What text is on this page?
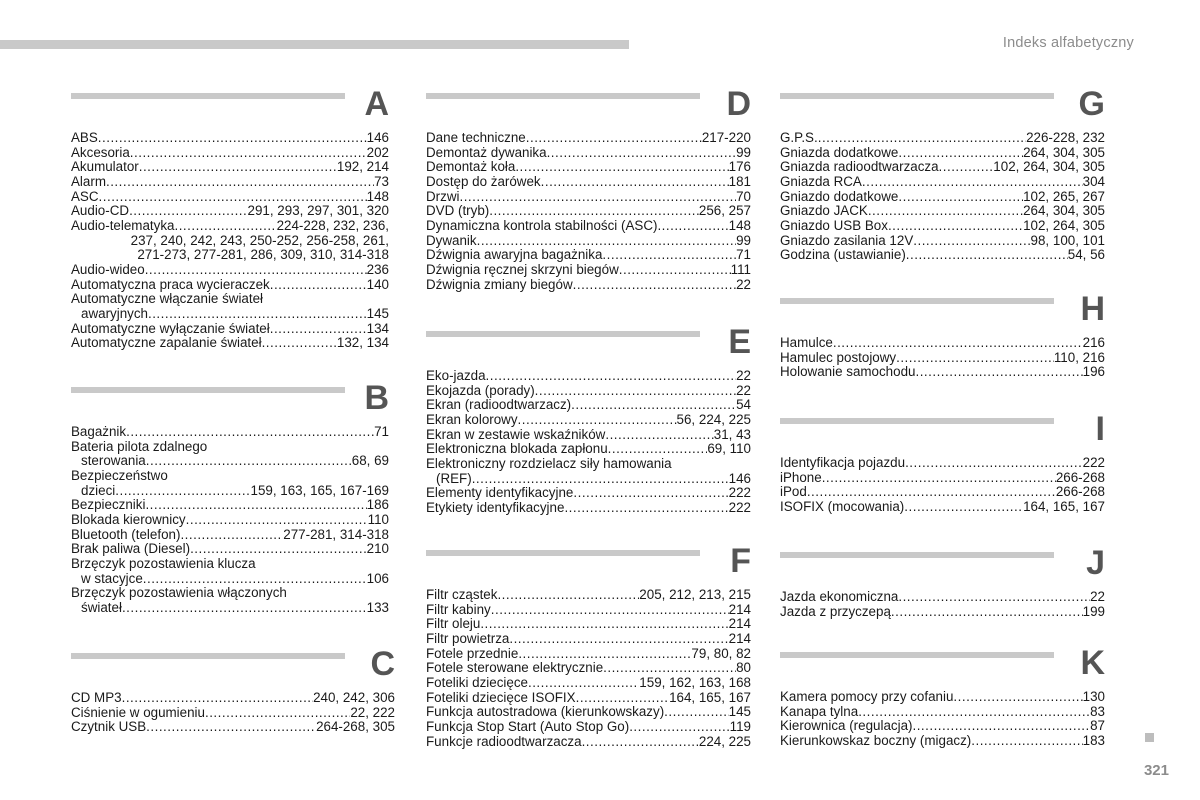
Indeks alfabetyczny
A
ABS .....	146
Akcesoria .....	202
Akumulator .....	192, 214
Alarm .....	73
ASC .....	148
Audio-CD .....	291, 293, 297, 301, 320
Audio-telematyka .....	224-228, 232, 236,
237, 240, 242, 243, 250-252, 256-258, 261,
271-273, 277-281, 286, 309, 310, 314-318
Audio-wideo .....	236
Automatyczna praca wycieraczek .....	140
Automatyczne włączanie świateł
awaryjnych .....	145
Automatyczne wyłączanie świateł .....	134
Automatyczne zapalanie świateł .....	132, 134
B
Bagażnik .....	71
Bateria pilota zdalnego
sterowania .....	68, 69
Bezpieczeństwo
dzieci .....	159, 163, 165, 167-169
Bezpieczniki .....	186
Blokada kierownicy .....	110
Bluetooth (telefon) .....	277-281, 314-318
Brak paliwa (Diesel) .....	210
Brzęczyk pozostawienia klucza
w stacyjce .....	106
Brzęczyk pozostawienia włączonych
świateł .....	133
C
CD MP3 .....	240, 242, 306
Ciśnienie w ogumieniu .....	22, 222
Czytnik USB .....	264-268, 305
D
Dane techniczne .....	217-220
Demontaż dywanika .....	99
Demontaż koła .....	176
Dostęp do żarówek .....	181
Drzwi .....	70
DVD (tryb) .....	256, 257
Dynamiczna kontrola stabilności (ASC) .....	148
Dywanik .....	99
Dźwignia awaryjna bagażnika .....	71
Dźwignia ręcznej skrzyni biegów .....	111
Dźwignia zmiany biegów .....	22
E
Eko-jazda .....	22
Ekojazda (porady) .....	22
Ekran (radioodtwarzacz) .....	54
Ekran kolorowy .....	56, 224, 225
Ekran w zestawie wskaźników .....	31, 43
Elektroniczna blokada zapłonu .....	69, 110
Elektroniczny rozdzielacz siły hamowania
(REF) .....	146
Elementy identyfikacyjne .....	222
Etykiety identyfikacyjne .....	222
F
Filtr cząstek .....	205, 212, 213, 215
Filtr kabiny .....	214
Filtr oleju .....	214
Filtr powietrza .....	214
Fotele przednie .....	79, 80, 82
Fotele sterowane elektrycznie .....	80
Foteliki dziecięce .....	159, 162, 163, 168
Foteliki dziecięce ISOFIX .....	164, 165, 167
Funkcja autostradowa (kierunkowskazy) .....	145
Funkcja Stop Start (Auto Stop Go) .....	119
Funkcje radioodtwarzacza .....	224, 225
G
G.P.S. .....	226-228, 232
Gniazda dodatkowe .....	264, 304, 305
Gniazda radioodtwarzacza .....	102, 264, 304, 305
Gniazda RCA .....	304
Gniazdo dodatkowe .....	102, 265, 267
Gniazdo JACK .....	264, 304, 305
Gniazdo USB Box .....	102, 264, 305
Gniazdo zasilania 12V .....	98, 100, 101
Godzina (ustawianie) .....	54, 56
H
Hamulce .....	216
Hamulec postojowy .....	110, 216
Holowanie samochodu .....	196
I
Identyfikacja pojazdu .....	222
iPhone .....	266-268
iPod .....	266-268
ISOFIX (mocowania) .....	164, 165, 167
J
Jazda ekonomiczna .....	22
Jazda z przyczepą .....	199
K
Kamera pomocy przy cofaniu .....	130
Kanapa tylna .....	83
Kierownica (regulacja) .....	87
Kierunkowskaz boczny (migacz) .....	183
321
